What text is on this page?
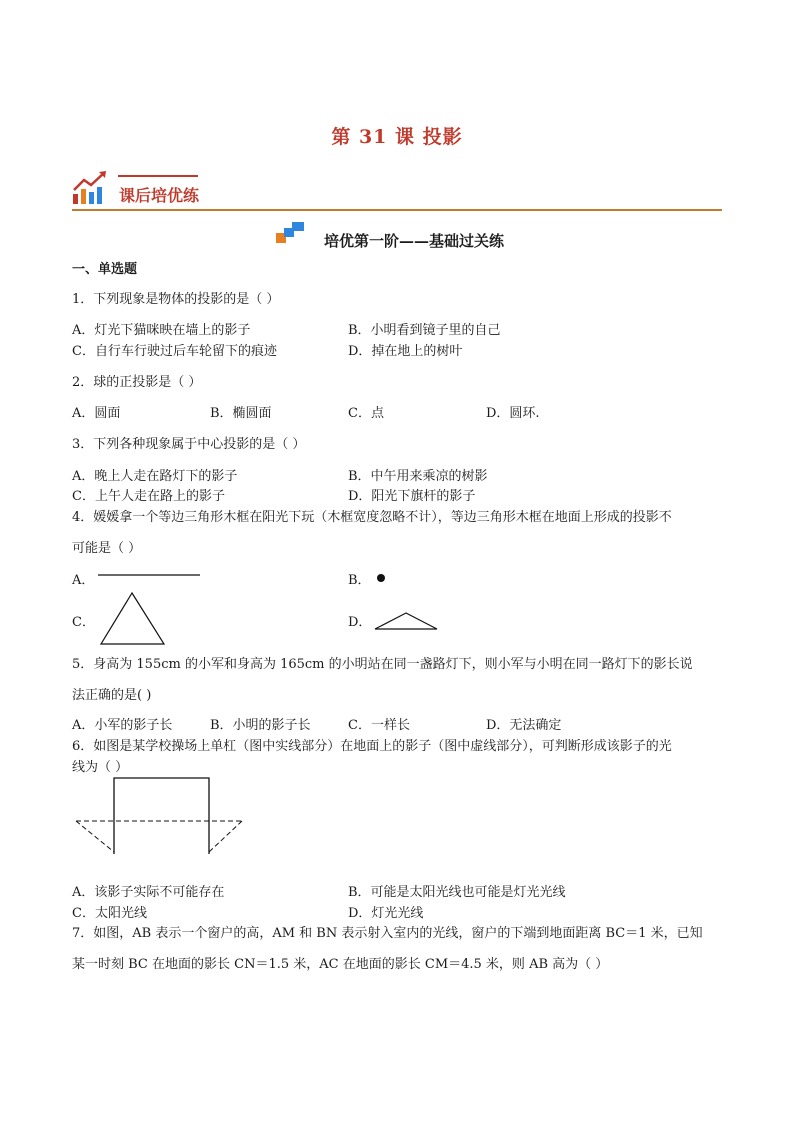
第 31 课 投影
课后培优练
培优第一阶——基础过关练
一、单选题
1．下列现象是物体的投影的是（ ）
A．灯光下猫咪映在墙上的影子	B．小明看到镜子里的自己
C．自行车行驶过后车轮留下的痕迹	D．掉在地上的树叶
2．球的正投影是（ ）
A．圆面	B．椭圆面	C．点	D．圆环.
3．下列各种现象属于中心投影的是（ ）
A．晚上人走在路灯下的影子	B．中午用来乘凉的树影
C．上午人走在路上的影子	D．阳光下旗杆的影子
4．媛媛拿一个等边三角形木框在阳光下玩（木框宽度忽略不计），等边三角形木框在地面上形成的投影不
可能是（ ）
A．	B．
C．	D．
5．身高为 155cm 的小军和身高为 165cm 的小明站在同一盏路灯下，则小军与小明在同一路灯下的影长说
法正确的是( )
A．小军的影子长	B．小明的影子长	C．一样长	D．无法确定
6．如图是某学校操场上单杠（图中实线部分）在地面上的影子（图中虚线部分），可判断形成该影子的光
线为（ ）
A．该影子实际不可能存在	B．可能是太阳光线也可能是灯光光线
C．太阳光线	D．灯光光线
7．如图，AB 表示一个窗户的高，AM 和 BN 表示射入室内的光线，窗户的下端到地面距离 BC＝1 米，已知
某一时刻 BC 在地面的影长 CN＝1.5 米，AC 在地面的影长 CM＝4.5 米，则 AB 高为（ ）
